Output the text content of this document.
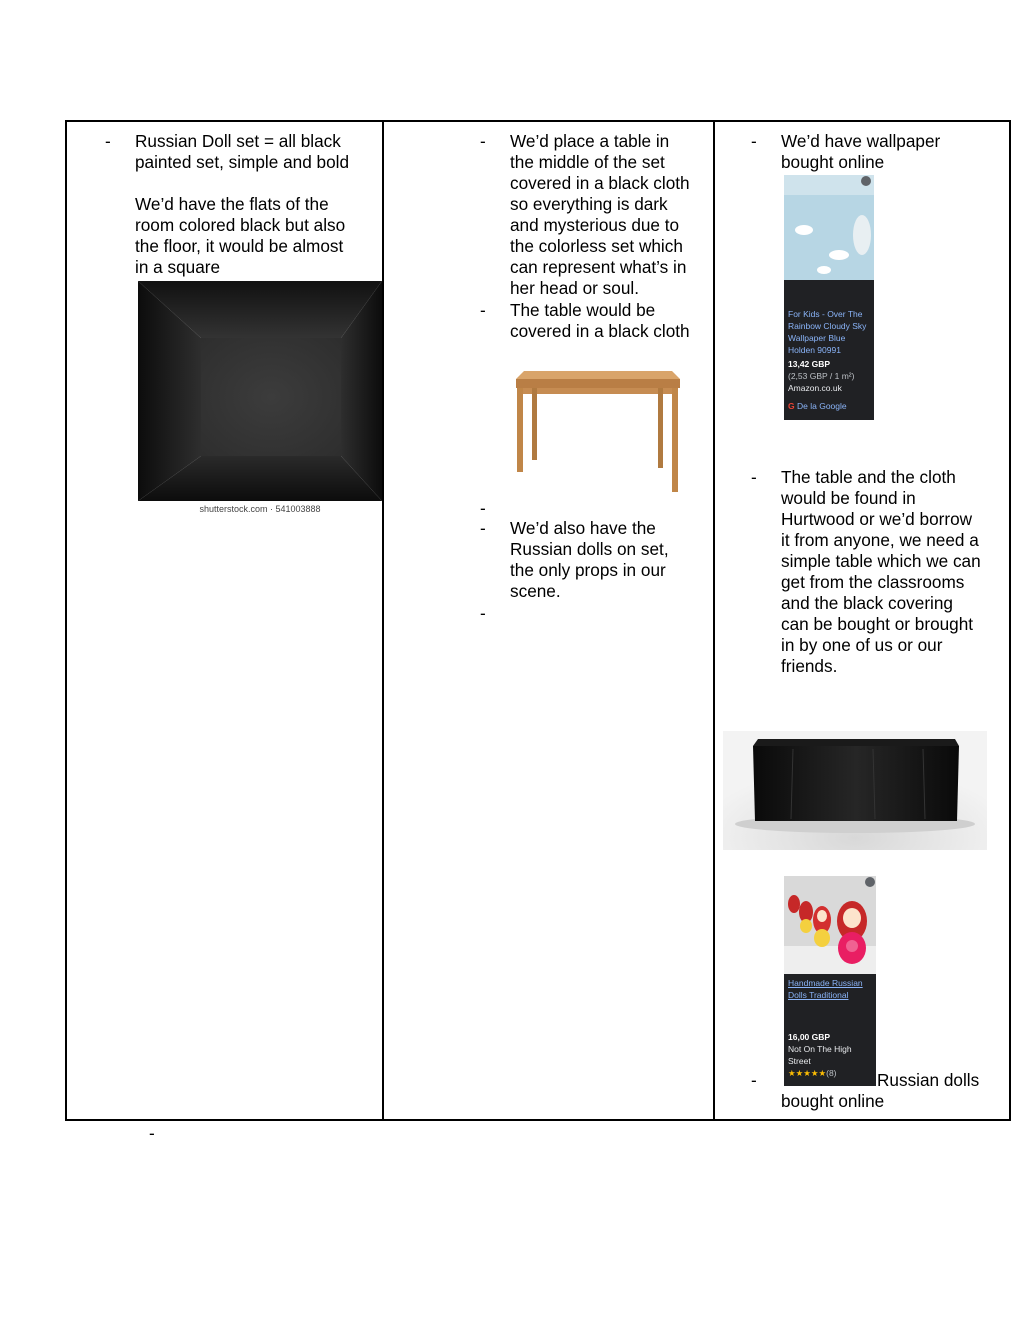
- Russian Doll set = all black
painted set, simple and bold
We’d have the flats of the
room colored black but also
the floor, it would be almost
in a square
shutterstock.com · 541003888
- We’d place a table in
the middle of the set
covered in a black cloth
so everything is dark
and mysterious due to
the colorless set which
can represent what’s in
her head or soul.
- The table would be
covered in a black cloth
-
- We’d also have the
Russian dolls on set,
the only props in our
scene.
-
- We’d have wallpaper
bought online
For Kids - Over The
Rainbow Cloudy Sky
Wallpaper Blue
Holden 90991
13,42 GBP
(2,53 GBP / 1 m²)
Amazon.co.uk
G De la Google
- The table and the cloth
would be found in
Hurtwood or we’d borrow
it from anyone, we need a
simple table which we can
get from the classrooms
and the black covering
can be bought or brought
in by one of us or our
friends.
Handmade Russian
Dolls Traditional
16,00 GBP
Not On The High
Street
★★★★★(8)
-	Russian dolls
bought online
-
